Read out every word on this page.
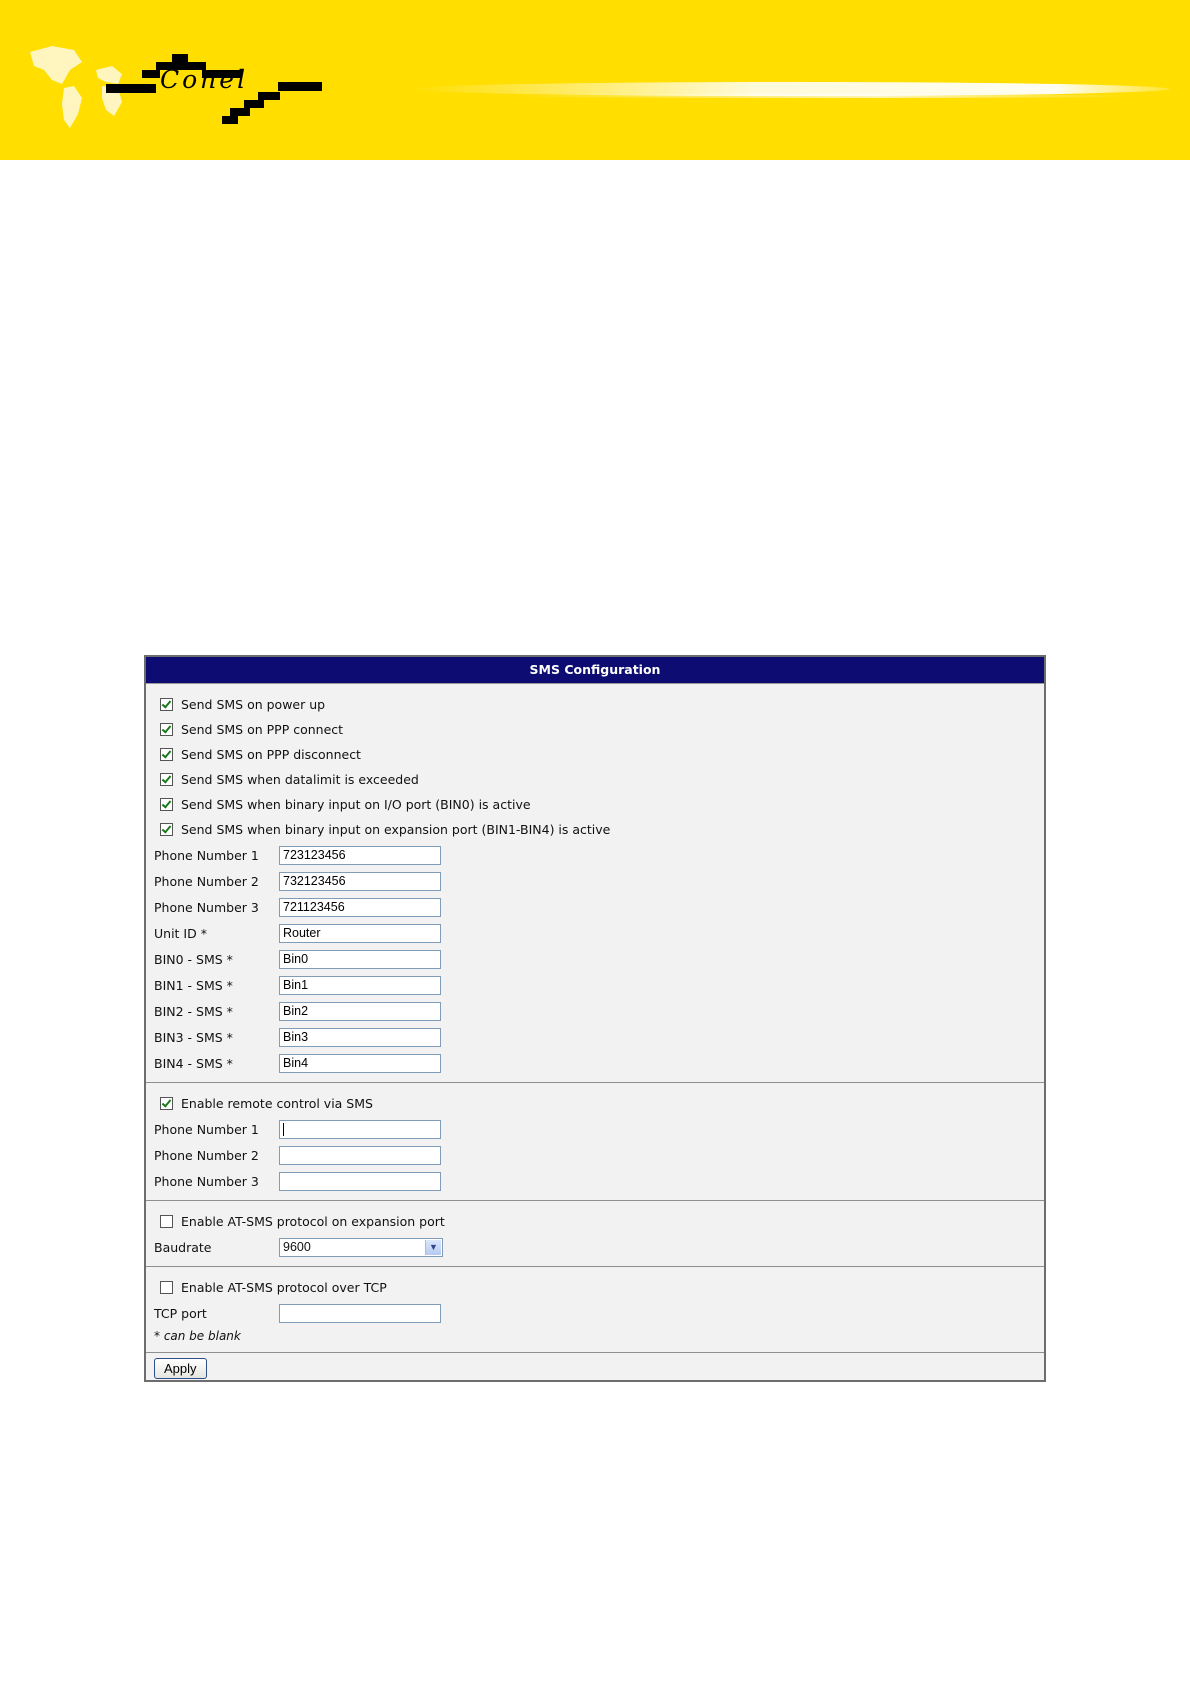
Conel
SMS Configuration
Send SMS on power up
Send SMS on PPP connect
Send SMS on PPP disconnect
Send SMS when datalimit is exceeded
Send SMS when binary input on I/O port (BIN0) is active
Send SMS when binary input on expansion port (BIN1-BIN4) is active
Phone Number 1	723123456
Phone Number 2	732123456
Phone Number 3	721123456
Unit ID *	Router
BIN0 - SMS *	Bin0
BIN1 - SMS *	Bin1
BIN2 - SMS *	Bin2
BIN3 - SMS *	Bin3
BIN4 - SMS *	Bin4
Enable remote control via SMS
Phone Number 1
Phone Number 2
Phone Number 3
Enable AT-SMS protocol on expansion port
Baudrate	9600	▼
Enable AT-SMS protocol over TCP
TCP port
* can be blank
Apply
